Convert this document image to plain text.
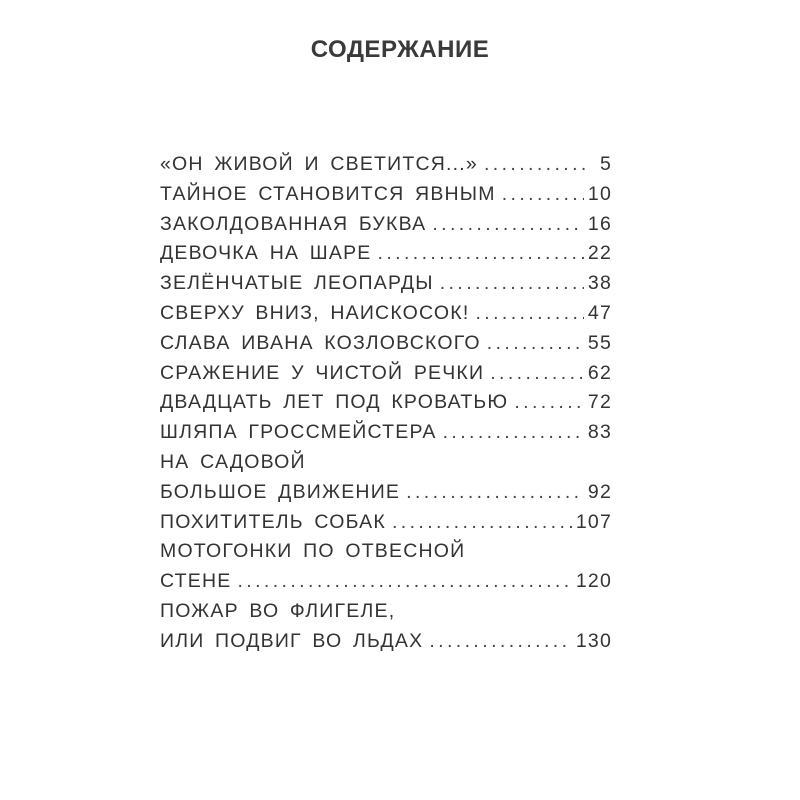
СОДЕРЖАНИЕ
«ОН ЖИВОЙ И СВЕТИТСЯ...» .....	5
ТАЙНОЕ СТАНОВИТСЯ ЯВНЫМ .....	10
ЗАКОЛДОВАННАЯ БУКВА .....	16
ДЕВОЧКА НА ШАРЕ .....	22
ЗЕЛЁНЧАТЫЕ ЛЕОПАРДЫ .....	38
СВЕРХУ ВНИЗ, НАИСКОСОК! .....	47
СЛАВА ИВАНА КОЗЛОВСКОГО .....	55
СРАЖЕНИЕ У ЧИСТОЙ РЕЧКИ .....	62
ДВАДЦАТЬ ЛЕТ ПОД КРОВАТЬЮ .....	72
ШЛЯПА ГРОССМЕЙСТЕРА .....	83
НА САДОВОЙ
БОЛЬШОЕ ДВИЖЕНИЕ .....	92
ПОХИТИТЕЛЬ СОБАК .....	107
МОТОГОНКИ ПО ОТВЕСНОЙ
СТЕНЕ .....	120
ПОЖАР ВО ФЛИГЕЛЕ,
ИЛИ ПОДВИГ ВО ЛЬДАХ .....	130
